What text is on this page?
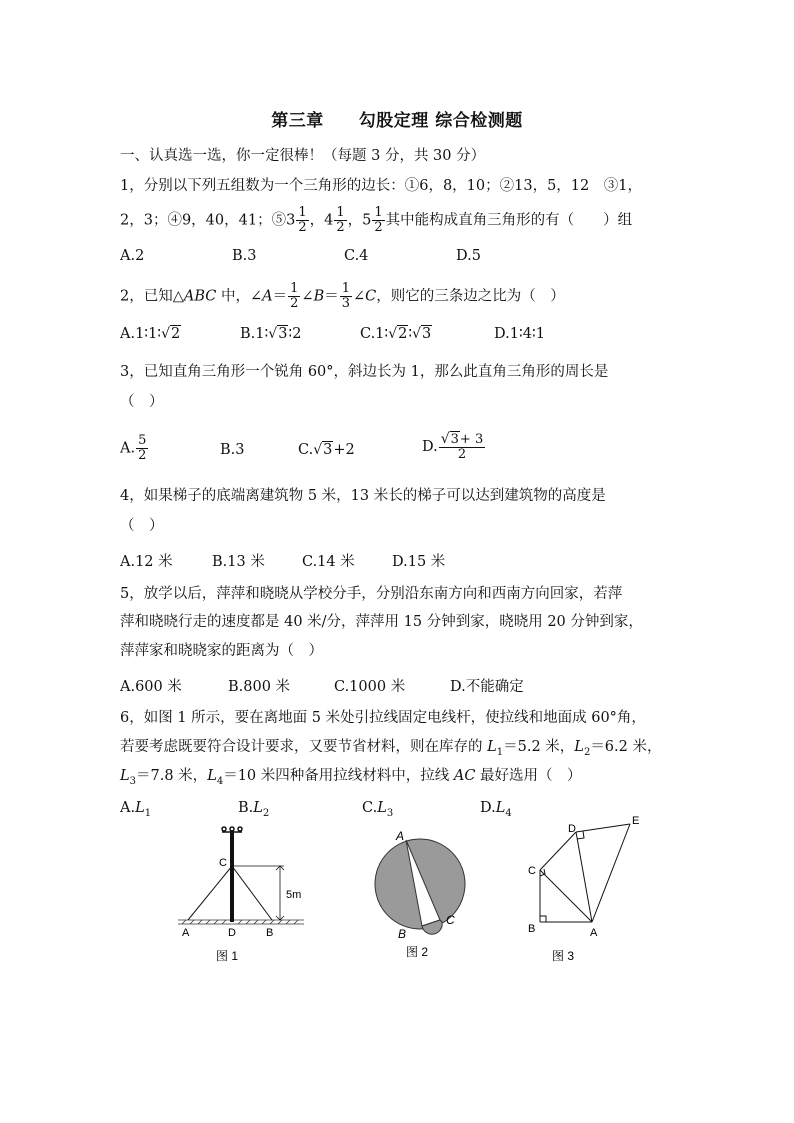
第三章　　勾股定理 综合检测题
一、认真选一选，你一定很棒！（每题 3 分，共 30 分）
1，分别以下列五组数为一个三角形的边长：①6，8，10；②13，5，12　③1，
2，3；④9，40，41；⑤3 $\frac{1}{2}$ ，$4 \frac{1}{2}$ ，$5 \frac{1}{2}$ 其中能构成直角三角形的有（　　）组
A.2	B.3	C.4	D.5
2，已知△ABC 中，∠A＝ $\frac{1}{2}$ ∠B＝ $\frac{1}{3}$ ∠C，则它的三条边之比为（　）
A.1∶1∶√2	B.1∶√3∶2	C.1∶√2∶√3	D.1∶4∶1
3，已知直角三角形一个锐角 60°，斜边长为 1，那么此直角三角形的周长是
（　）
A. $\frac{5}{2}$	B.3	C.√3+2	D. $\frac{√3+ 3}{2}$
4，如果梯子的底端离建筑物 5 米，13 米长的梯子可以达到建筑物的高度是
（　）
A.12 米	B.13 米	C.14 米	D.15 米
5，放学以后，萍萍和晓晓从学校分手，分别沿东南方向和西南方向回家，若萍
萍和晓晓行走的速度都是 40 米/分，萍萍用 15 分钟到家，晓晓用 20 分钟到家，
萍萍家和晓晓家的距离为（　）
A.600 米	B.800 米	C.1000 米	D.不能确定
6，如图 1 所示，要在离地面 5 米处引拉线固定电线杆，使拉线和地面成 60°角，
若要考虑既要符合设计要求，又要节省材料，则在库存的 $L_1=5.2$ 米，$L_2=6.2$ 米，
$L_3=7.8$ 米，$L_4=10$ 米四种备用拉线材料中，拉线 AC 最好选用（　）
$A.L_1$	$B.L_2$	$C.L_3$	$D.L_4$
5m
C
A	D	B
图 1
A
B
C
图 2
D
E
C
B	A
图 3
